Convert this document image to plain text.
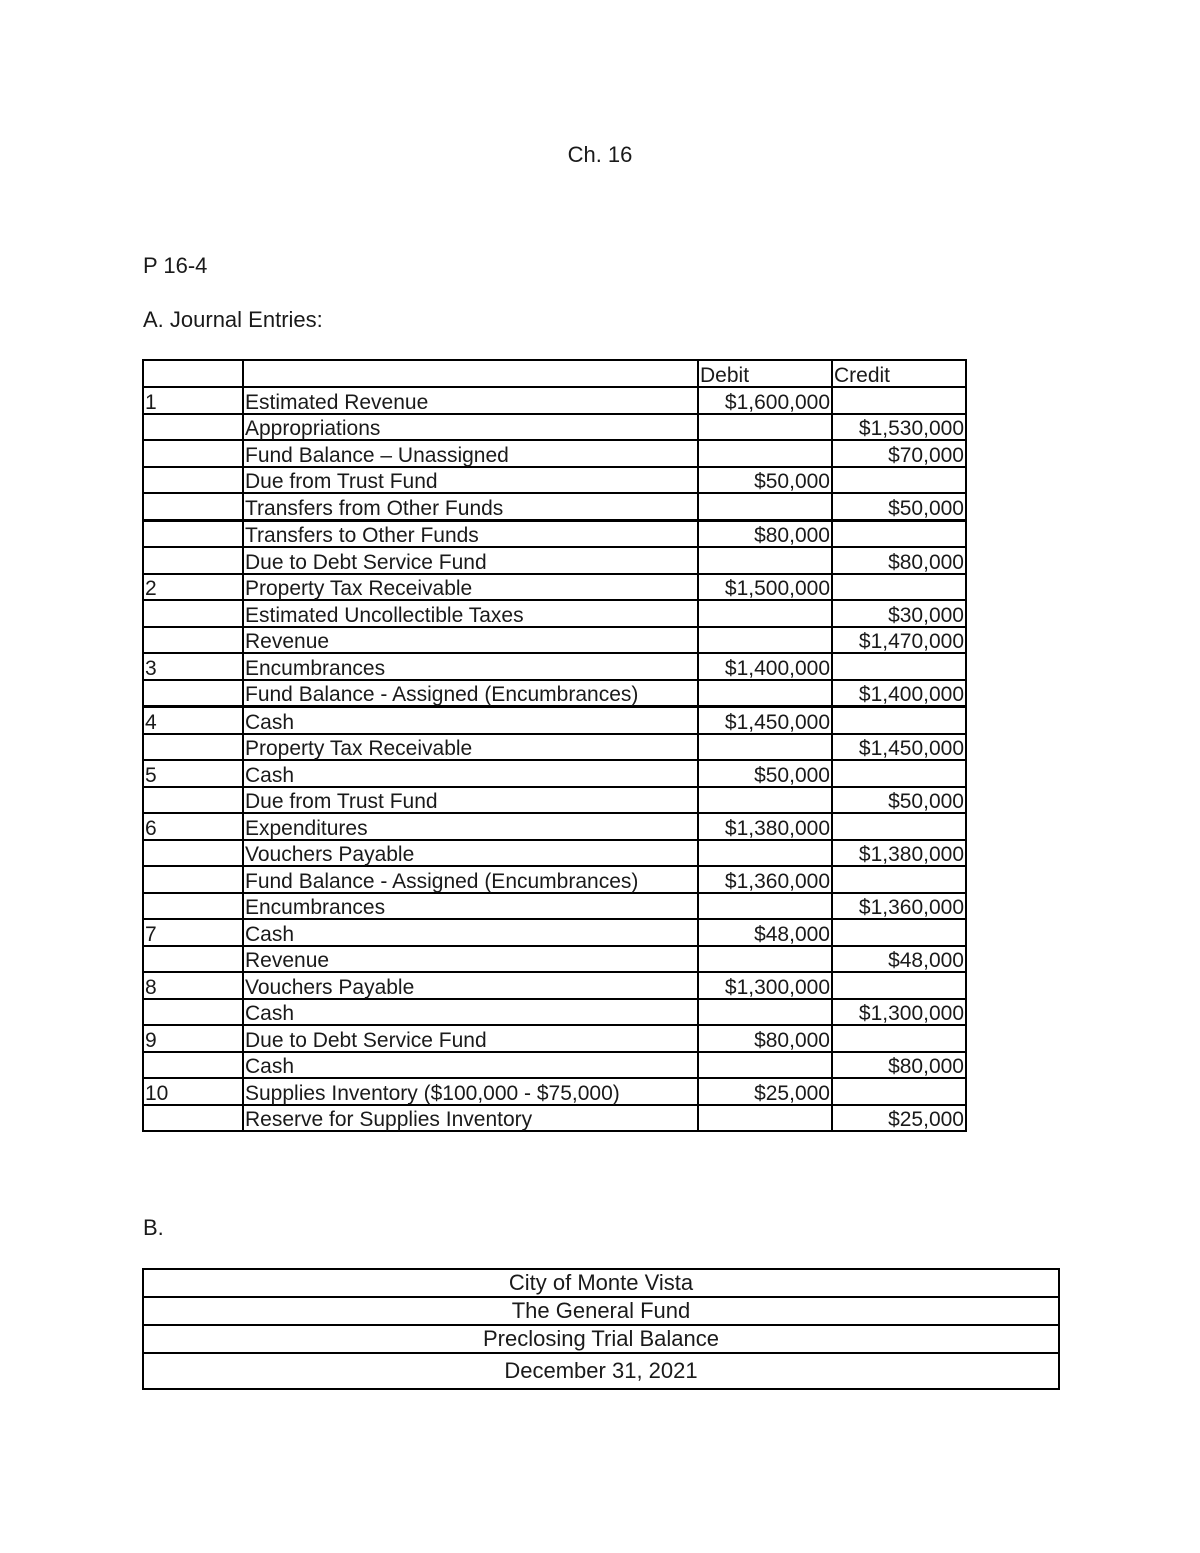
Ch. 16
P 16-4
A. Journal Entries:
		Debit	Credit
1	Estimated Revenue	$1,600,000	
	Appropriations		$1,530,000
	Fund Balance – Unassigned		$70,000
	Due from Trust Fund	$50,000	
	Transfers from Other Funds		$50,000
	Transfers to Other Funds	$80,000	
	Due to Debt Service Fund		$80,000
2	Property Tax Receivable	$1,500,000	
	Estimated Uncollectible Taxes		$30,000
	Revenue		$1,470,000
3	Encumbrances	$1,400,000	
	Fund Balance - Assigned (Encumbrances)		$1,400,000
4	Cash	$1,450,000	
	Property Tax Receivable		$1,450,000
5	Cash	$50,000	
	Due from Trust Fund		$50,000
6	Expenditures	$1,380,000	
	Vouchers Payable		$1,380,000
	Fund Balance - Assigned (Encumbrances)	$1,360,000	
	Encumbrances		$1,360,000
7	Cash	$48,000	
	Revenue		$48,000
8	Vouchers Payable	$1,300,000	
	Cash		$1,300,000
9	Due to Debt Service Fund	$80,000	
	Cash		$80,000
10	Supplies Inventory ($100,000 - $75,000)	$25,000	
	Reserve for Supplies Inventory		$25,000
B.
City of Monte Vista
The General Fund
Preclosing Trial Balance
December 31, 2021
